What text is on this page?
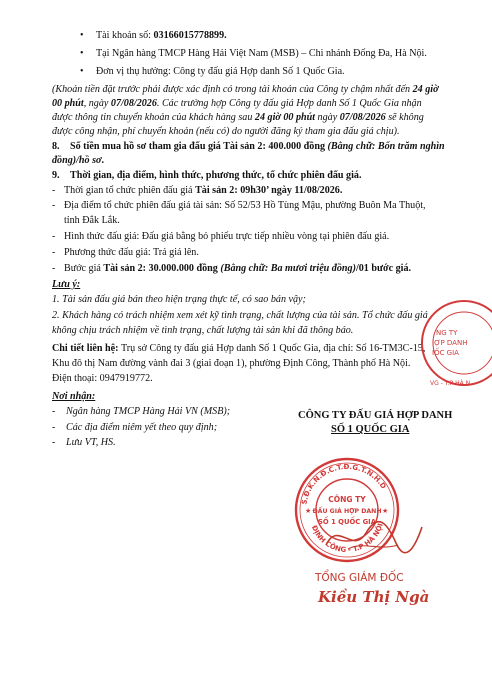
• Tài khoản số: 03166015778899.
• Tại Ngân hàng TMCP Hàng Hải Việt Nam (MSB) – Chi nhánh Đống Đa, Hà Nội.
• Đơn vị thụ hưởng: Công ty đấu giá Hợp danh Số 1 Quốc Gia.
(Khoản tiền đặt trước phải được xác định có trong tài khoản của Công ty chậm nhất đến 24 giờ
00 phút, ngày 07/08/2026. Các trường hợp Công ty đấu giá Hợp danh Số 1 Quốc Gia nhận
được thông tin chuyển khoản của khách hàng sau 24 giờ 00 phút ngày 07/08/2026 sẽ không
được công nhận, phí chuyển khoản (nếu có) do người đăng ký tham gia đấu giá chịu).
8. Số tiền mua hồ sơ tham gia đấu giá Tài sản 2: 400.000 đồng (Bằng chữ: Bốn trăm nghìn
đồng)/hồ sơ.
9. Thời gian, địa điểm, hình thức, phương thức, tổ chức phiên đấu giá.
- Thời gian tổ chức phiên đấu giá Tài sản 2: 09h30’ ngày 11/08/2026.
- Địa điểm tổ chức phiên đấu giá tài sản: Số 52/53 Hồ Tùng Mậu, phường Buôn Ma Thuột,
tỉnh Đắk Lắk.
- Hình thức đấu giá: Đấu giá bằng bỏ phiếu trực tiếp nhiều vòng tại phiên đấu giá.
- Phương thức đấu giá: Trả giá lên.
- Bước giá Tài sản 2: 30.000.000 đồng (Bằng chữ: Ba mươi triệu đồng)/01 bước giá.
Lưu ý:
1. Tài sản đấu giá bán theo hiện trạng thực tế, có sao bán vậy;
2. Khách hàng có trách nhiệm xem xét kỹ tình trạng, chất lượng của tài sản. Tổ chức đấu giá
không chịu trách nhiệm về tình trạng, chất lượng tài sản khi đã thông báo.
Chi tiết liên hệ: Trụ sở Công ty đấu giá Hợp danh Số 1 Quốc Gia, địa chỉ: Số 16-TM3C-15,
Khu đô thị Nam đường vành đai 3 (giai đoạn 1), phường Định Công, Thành phố Hà Nội.
Điện thoại: 0947919772.
Nơi nhận:
- Ngân hàng TMCP Hàng Hải VN (MSB);
- Các địa điểm niêm yết theo quy định;
- Lưu VT, HS.
CÔNG TY ĐẤU GIÁ HỢP DANH
SỐ 1 QUỐC GIA
NG TY
IỢP DANH
IỐC GIA
VG - T.P HÀ N
S.Đ.K.N.Đ.C.T.Đ.G.T.N.H.D
ĐỊNH CÔNG - T.P HÀ NỘI
CÔNG TY
ĐẤU GIÁ HỢP DANH
SỐ 1 QUỐC GIA
★	★
TỔNG GIÁM ĐỐC
Kiều Thị Ngà
